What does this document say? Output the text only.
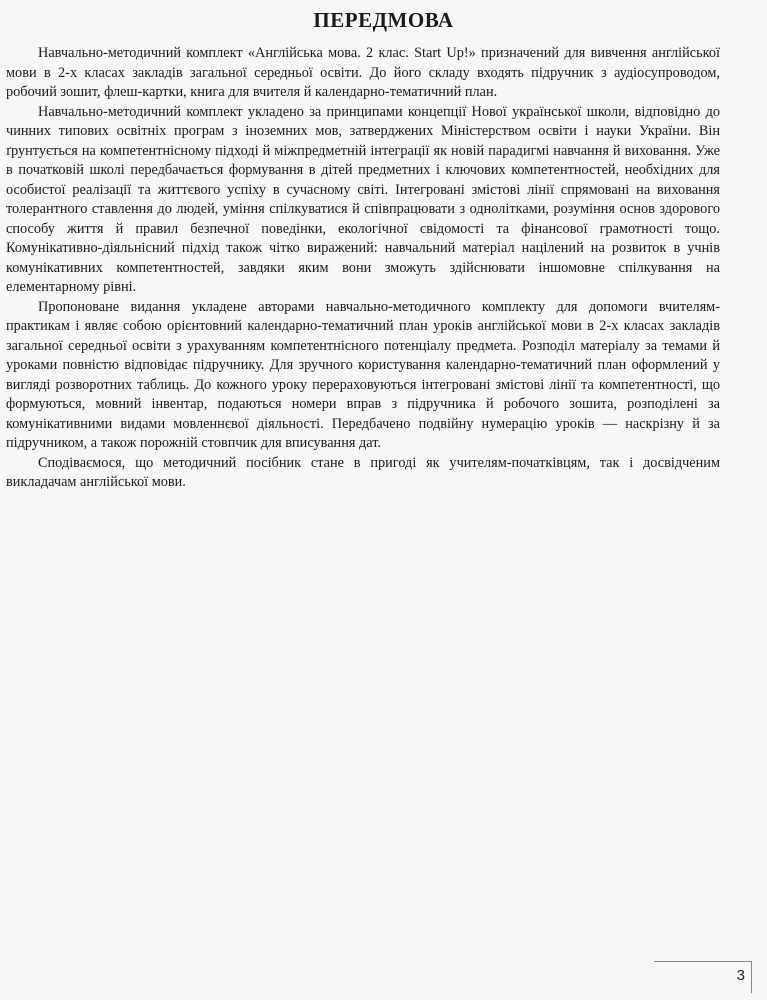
ПЕРЕДМОВА

Навчально-методичний комплект «Англійська мова. 2 клас. Start Up!» призначений для вивчення англійської мови в 2-х класах закладів загальної середньої освіти. До його складу входять підручник з аудіосупроводом, робочий зошит, флеш-картки, книга для вчителя й календарно-тематичний план.

Навчально-методичний комплект укладено за принципами концепції Нової української школи, відповідно до чинних типових освітніх програм з іноземних мов, затверджених Міністерством освіти і науки України. Він ґрунтується на компетентнісному підході й міжпредметній інтеграції як новій парадигмі навчання й виховання. Уже в початковій школі передбачається формування в дітей предметних і ключових компетентностей, необхідних для особистої реалізації та життєвого успіху в сучасному світі. Інтегровані змістові лінії спрямовані на виховання толерантного ставлення до людей, уміння спілкуватися й співпрацювати з однолітками, розуміння основ здорового способу життя й правил безпечної поведінки, екологічної свідомості та фінансової грамотності тощо. Комунікативно-діяльнісний підхід також чітко виражений: навчальний матеріал націлений на розвиток в учнів комунікативних компетентностей, завдяки яким вони зможуть здійснювати іншомовне спілкування на елементарному рівні.

Пропоноване видання укладене авторами навчально-методичного комплекту для допомоги вчителям-практикам і являє собою орієнтовний календарно-тематичний план уроків англійської мови в 2-х класах закладів загальної середньої освіти з урахуванням компетентнісного потенціалу предмета. Розподіл матеріалу за темами й уроками повністю відповідає підручнику. Для зручного користування календарно-тематичний план оформлений у вигляді розворотних таблиць. До кожного уроку перераховуються інтегровані змістові лінії та компетентності, що формуються, мовний інвентар, подаються номери вправ з підручника й робочого зошита, розподілені за комунікативними видами мовленнєвої діяльності. Передбачено подвійну нумерацію уроків — наскрізну й за підручником, а також порожній стовпчик для вписування дат.

Сподіваємося, що методичний посібник стане в пригоді як учителям-початківцям, так і досвідченим викладачам англійської мови.

3
